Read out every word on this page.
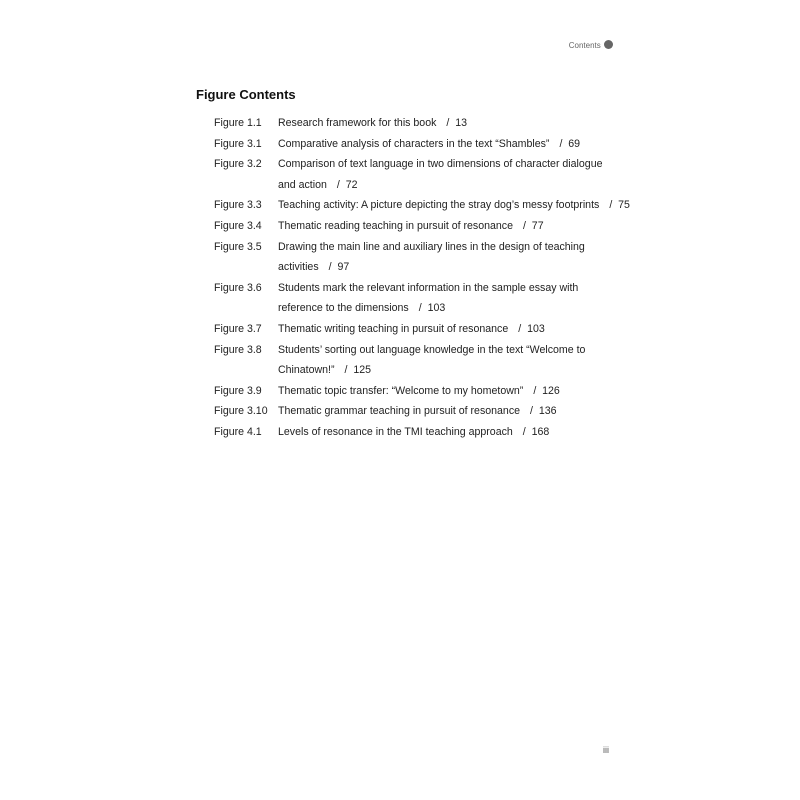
Contents
Figure Contents
Figure 1.1	Research framework for this book /  13
Figure 3.1	Comparative analysis of characters in the text “Shambles” /  69
Figure 3.2	Comparison of text language in two dimensions of character dialogue
and action /  72
Figure 3.3	Teaching activity: A picture depicting the stray dog’s messy footprints /  75
Figure 3.4	Thematic reading teaching in pursuit of resonance /  77
Figure 3.5	Drawing the main line and auxiliary lines in the design of teaching
activities /  97
Figure 3.6	Students mark the relevant information in the sample essay with
reference to the dimensions /  103
Figure 3.7	Thematic writing teaching in pursuit of resonance /  103
Figure 3.8	Students’ sorting out language knowledge in the text “Welcome to
Chinatown!” /  125
Figure 3.9	Thematic topic transfer: “Welcome to my hometown” /  126
Figure 3.10 Thematic grammar teaching in pursuit of resonance /  136
Figure 4.1	Levels of resonance in the TMI teaching approach /  168
iii
